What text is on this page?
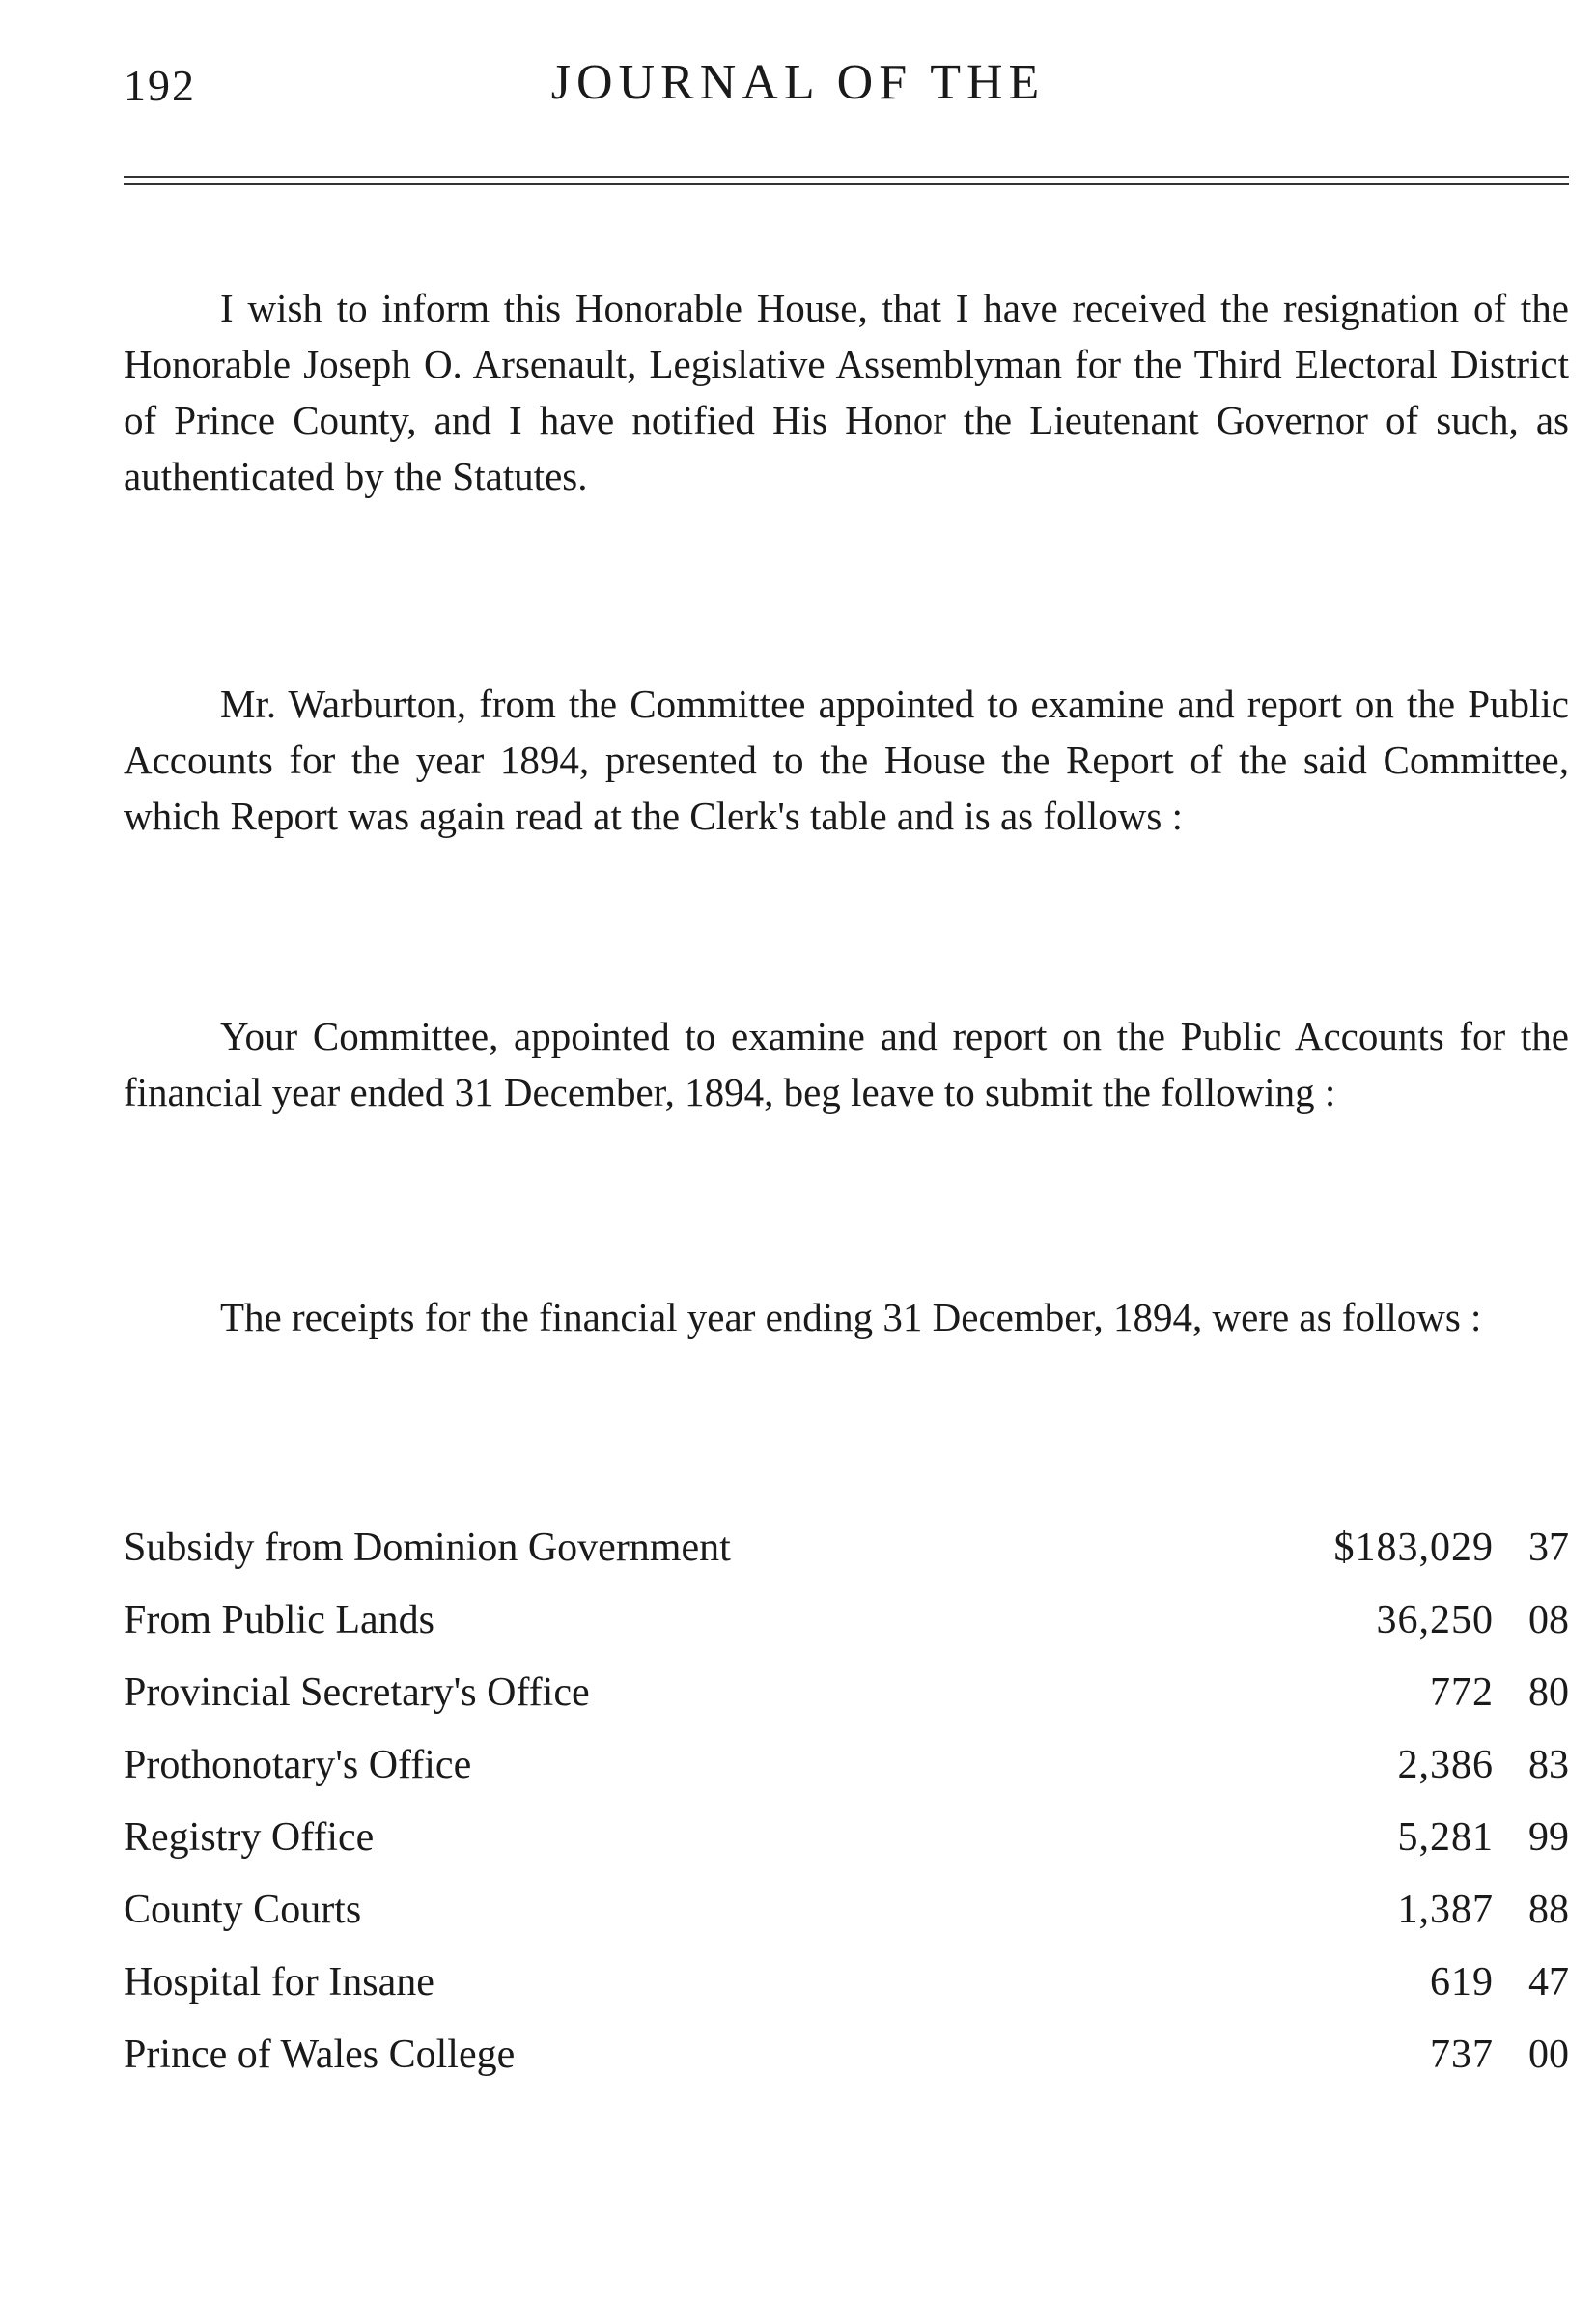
192	JOURNAL OF THE

I wish to inform this Honorable House, that I have received the resignation of the Honorable Joseph O. Arsenault, Legislative Assemblyman for the Third Electoral District of Prince County, and I have notified His Honor the Lieutenant Governor of such, as authenticated by the Statutes.

Mr. Warburton, from the Committee appointed to examine and report on the Public Accounts for the year 1894, presented to the House the Report of the said Committee, which Report was again read at the Clerk's table and is as follows :

Your Committee, appointed to examine and report on the Public Accounts for the financial year ended 31 December, 1894, beg leave to submit the following :

The receipts for the financial year ending 31 December, 1894, were as follows :

Subsidy from Dominion Government	$183,029 37
From Public Lands	36,250 08
Provincial Secretary's Office	772 80
Prothonotary's Office	2,386 83
Registry Office	5,281 99
County Courts	1,387 88
Hospital for Insane	619 47
Prince of Wales College	737 00
